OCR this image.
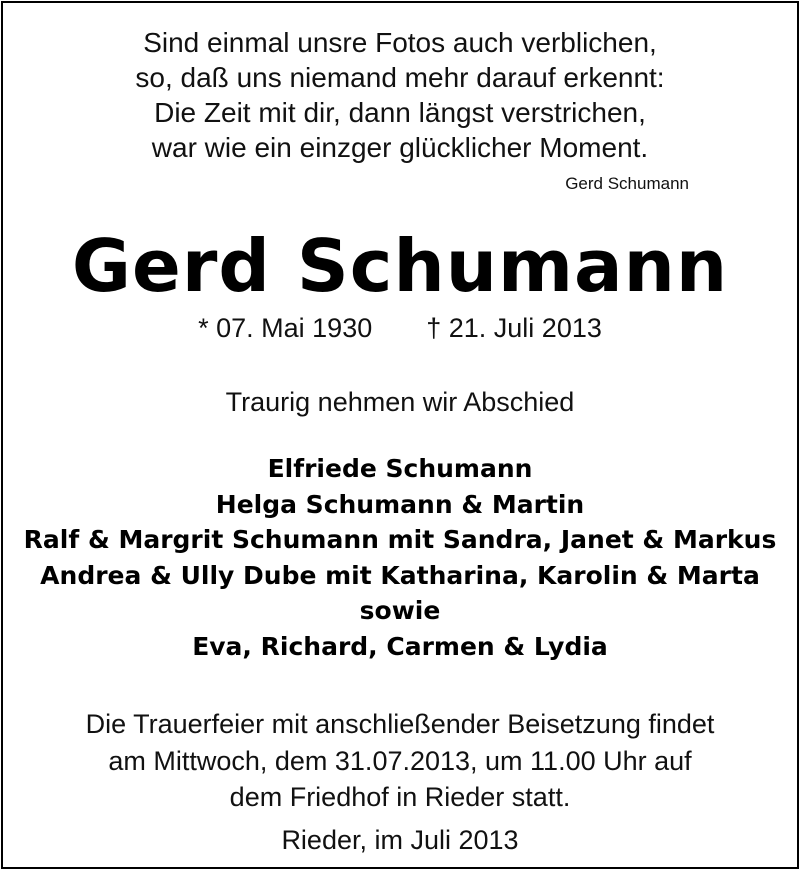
Sind einmal unsre Fotos auch verblichen,
so, daß uns niemand mehr darauf erkennt:
Die Zeit mit dir, dann längst verstrichen,
war wie ein einzger glücklicher Moment.
Gerd Schumann
Gerd Schumann
* 07. Mai 1930 † 21. Juli 2013
Traurig nehmen wir Abschied
Elfriede Schumann
Helga Schumann & Martin
Ralf & Margrit Schumann mit Sandra, Janet & Markus
Andrea & Ully Dube mit Katharina, Karolin & Marta
sowie
Eva, Richard, Carmen & Lydia
Die Trauerfeier mit anschließender Beisetzung findet
am Mittwoch, dem 31.07.2013, um 11.00 Uhr auf
dem Friedhof in Rieder statt.
Rieder, im Juli 2013
